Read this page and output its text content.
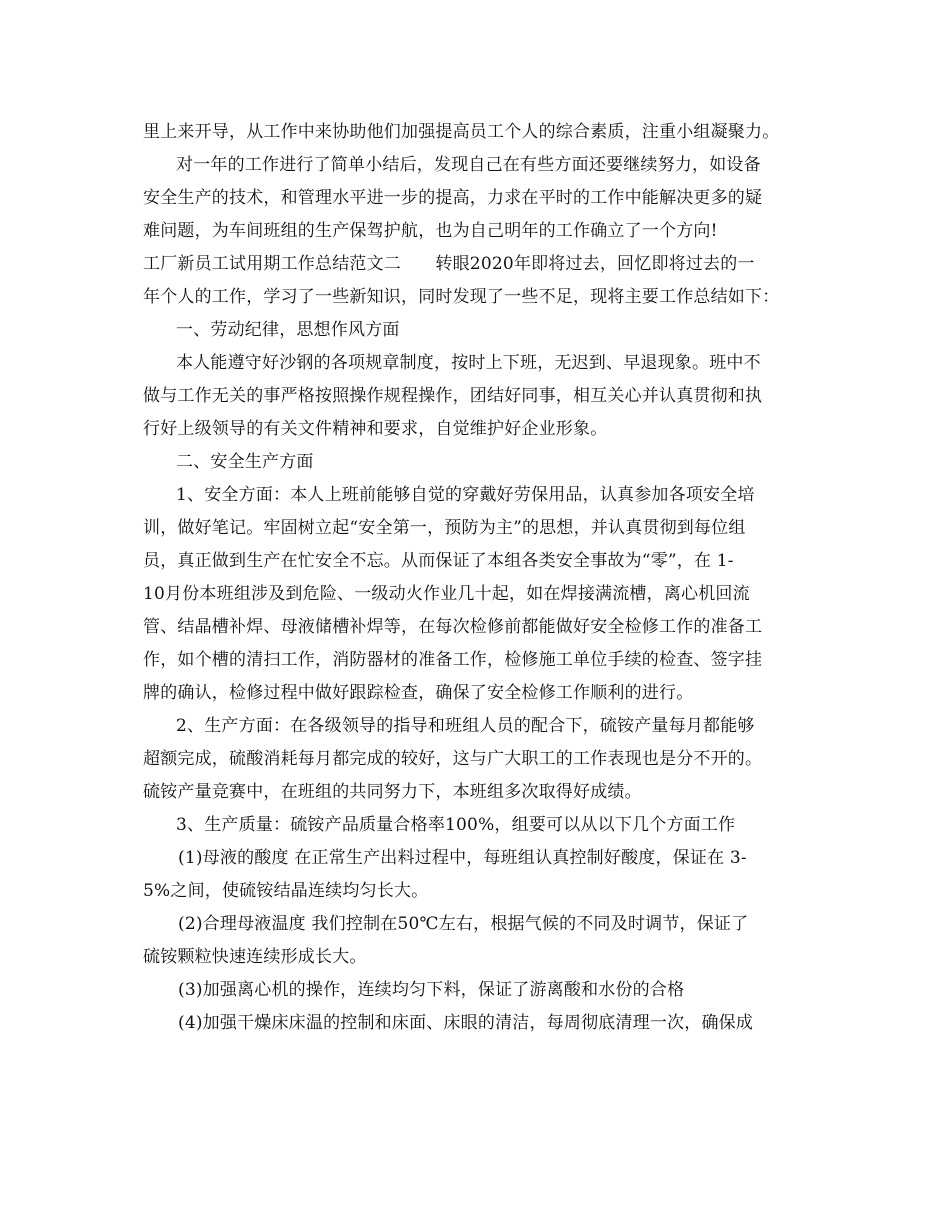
里上来开导，从工作中来协助他们加强提高员工个人的综合素质，注重小组凝聚力。
对一年的工作进行了简单小结后，发现自己在有些方面还要继续努力，如设备
安全生产的技术，和管理水平进一步的提高，力求在平时的工作中能解决更多的疑
难问题，为车间班组的生产保驾护航，也为自己明年的工作确立了一个方向!
工厂新员工试用期工作总结范文二　　转眼2020年即将过去，回忆即将过去的一
年个人的工作，学习了一些新知识，同时发现了一些不足，现将主要工作总结如下：
一、劳动纪律，思想作风方面
本人能遵守好沙钢的各项规章制度，按时上下班，无迟到、早退现象。班中不
做与工作无关的事严格按照操作规程操作，团结好同事，相互关心并认真贯彻和执
行好上级领导的有关文件精神和要求，自觉维护好企业形象。
二、安全生产方面
1、安全方面：本人上班前能够自觉的穿戴好劳保用品，认真参加各项安全培
训，做好笔记。牢固树立起“安全第一，预防为主”的思想，并认真贯彻到每位组
员，真正做到生产在忙安全不忘。从而保证了本组各类安全事故为“零”，在 1-
10月份本班组涉及到危险、一级动火作业几十起，如在焊接满流槽，离心机回流
管、结晶槽补焊、母液储槽补焊等，在每次检修前都能做好安全检修工作的准备工
作，如个槽的清扫工作，消防器材的准备工作，检修施工单位手续的检查、签字挂
牌的确认，检修过程中做好跟踪检查，确保了安全检修工作顺利的进行。
2、生产方面：在各级领导的指导和班组人员的配合下，硫铵产量每月都能够
超额完成，硫酸消耗每月都完成的较好，这与广大职工的工作表现也是分不开的。
硫铵产量竞赛中，在班组的共同努力下，本班组多次取得好成绩。
3、生产质量：硫铵产品质量合格率100%，组要可以从以下几个方面工作
(1)母液的酸度 在正常生产出料过程中，每班组认真控制好酸度，保证在 3-
5%之间，使硫铵结晶连续均匀长大。
(2)合理母液温度 我们控制在50℃左右，根据气候的不同及时调节，保证了
硫铵颗粒快速连续形成长大。
(3)加强离心机的操作，连续均匀下料，保证了游离酸和水份的合格
(4)加强干燥床床温的控制和床面、床眼的清洁，每周彻底清理一次，确保成
